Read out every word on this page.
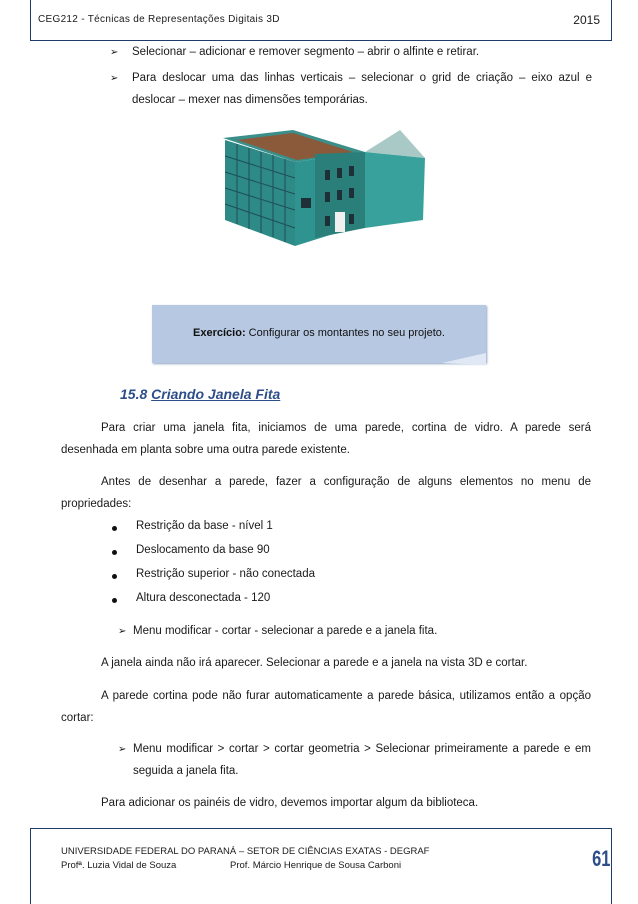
CEG212 - Técnicas de Representações Digitais 3D	2015
➢ Selecionar – adicionar e remover segmento – abrir o alfinte e retirar.
➢ Para deslocar uma das linhas verticais – selecionar o grid de criação – eixo azul e
deslocar – mexer nas dimensões temporárias.
Exercício: Configurar os montantes no seu projeto.
15.8 Criando Janela Fita
Para criar uma janela fita, iniciamos de uma parede, cortina de vidro. A parede será
desenhada em planta sobre uma outra parede existente.
Antes de desenhar a parede, fazer a configuração de alguns elementos no menu de
propriedades:
Restrição da base - nível 1
Deslocamento da base 90
Restrição superior - não conectada
Altura desconectada - 120
➢ Menu modificar - cortar - selecionar a parede e a janela fita.
A janela ainda não irá aparecer. Selecionar a parede e a janela na vista 3D e cortar.
A parede cortina pode não furar automaticamente a parede básica, utilizamos então a opção
cortar:
➢ Menu modificar > cortar > cortar geometria > Selecionar primeiramente a parede e em
seguida a janela fita.
Para adicionar os painéis de vidro, devemos importar algum da biblioteca.
UNIVERSIDADE FEDERAL DO PARANÁ – SETOR DE CIÊNCIAS EXATAS - DEGRAF
Profª. Luzia Vidal de Souza	Prof. Márcio Henrique de Sousa Carboni	61
